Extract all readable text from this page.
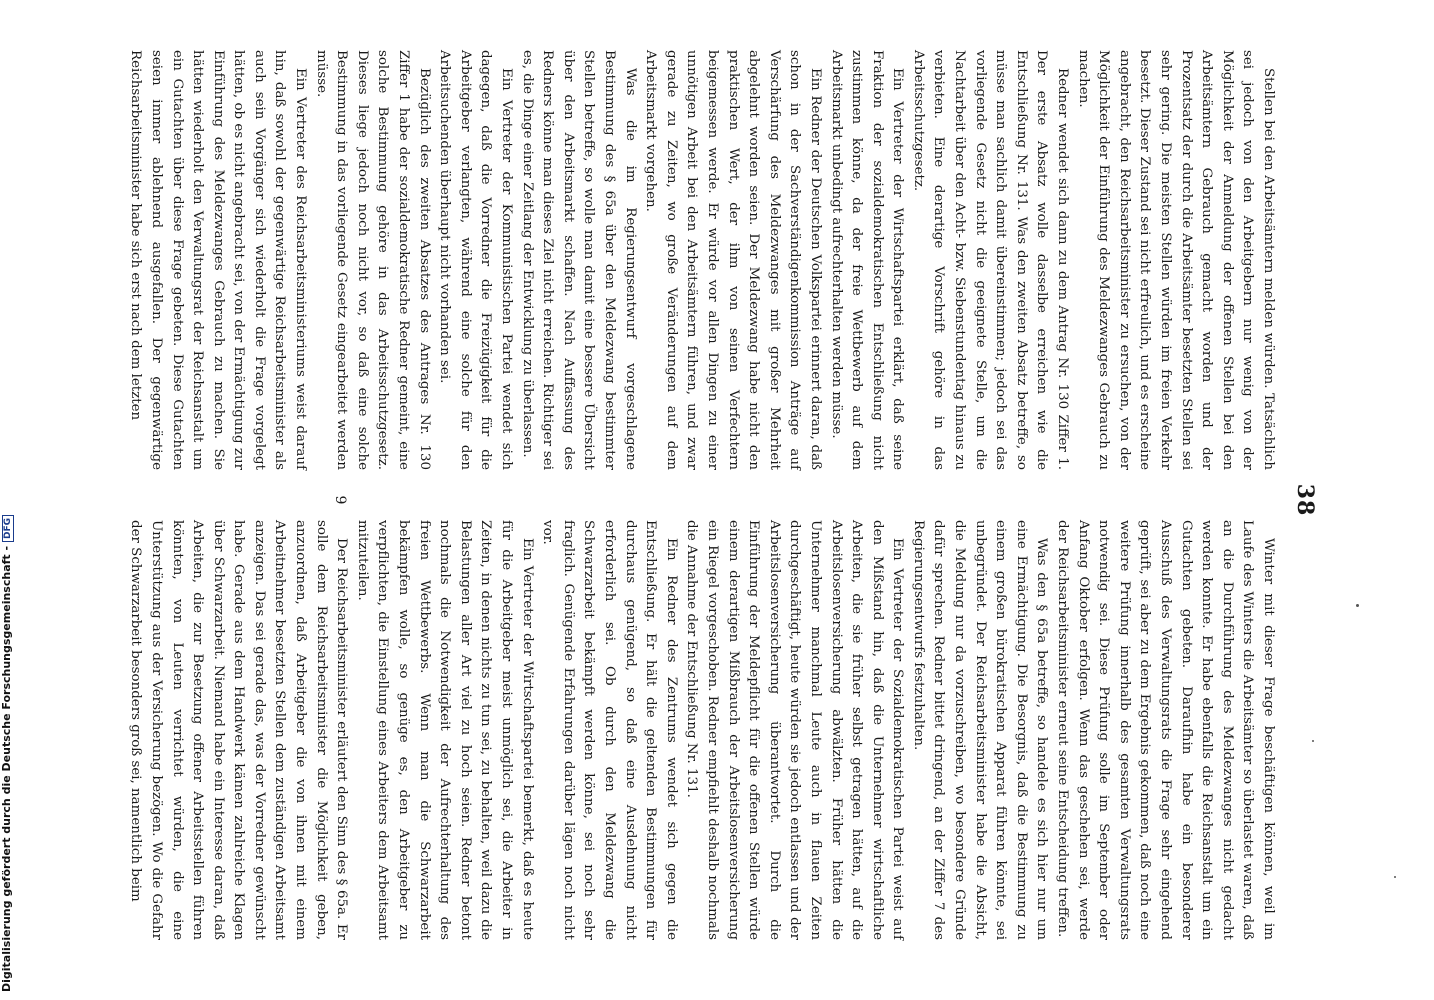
Digitalisierung gefördert durch die Deutsche Forschungsgemeinschaft -DFG
38

Stellen bei den Arbeitsämtern melden würden. Tatsächlich sei jedoch von den Arbeitgebern nur wenig von der Möglichkeit der Anmeldung der offenen Stellen bei den Arbeitsämtern Gebrauch gemacht worden und der Prozentsatz der durch die Arbeitsämter besetzten Stellen sei sehr gering. Die meisten Stellen würden im freien Verkehr besetzt. Dieser Zustand sei nicht erfreulich, und es erscheine angebracht, den Reichsarbeitsminister zu ersuchen, von der Möglichkeit der Einführung des Meldezwanges Gebrauch zu machen.

Redner wendet sich dann zu dem Antrag Nr. 130 Ziffer 1. Der erste Absatz wolle dasselbe erreichen wie die Entschließung Nr. 131. Was den zweiten Absatz betreffe, so müsse man sachlich damit übereinstimmen; jedoch sei das vorliegende Gesetz nicht die geeignete Stelle, um die Nachtarbeit über den Acht- bzw. Siebenstundentag hinaus zu verbieten. Eine derartige Vorschrift gehöre in das Arbeitsschutzgesetz.

Ein Vertreter der Wirtschaftspartei erklärt, daß seine Fraktion der sozialdemokratischen Entschließung nicht zustimmen könne, da der freie Wettbewerb auf dem Arbeitsmarkt unbedingt aufrechterhalten werden müsse.

Ein Redner der Deutschen Volkspartei erinnert daran, daß schon in der Sachverständigenkommission Anträge auf Verschärfung des Meldezwanges mit großer Mehrheit abgelehnt worden seien. Der Meldezwang habe nicht den praktischen Wert, der ihm von seinen Verfechtern beigemessen werde. Er würde vor allen Dingen zu einer unnötigen Arbeit bei den Arbeitsämtern führen, und zwar gerade zu Zeiten, wo große Veränderungen auf dem Arbeitsmarkt vorgehen.

Was die im Regierungsentwurf vorgeschlagene Bestimmung des § 65a über den Meldezwang bestimmter Stellen betreffe, so wolle man damit eine bessere Übersicht über den Arbeitsmarkt schaffen. Nach Auffassung des Redners könne man dieses Ziel nicht erreichen. Richtiger sei es, die Dinge einer Zeitlang der Entwicklung zu überlassen.

Ein Vertreter der Kommunistischen Partei wendet sich dagegen, daß die Vorredner die Freizügigkeit für die Arbeitgeber verlangten, während eine solche für den Arbeitsuchenden überhaupt nicht vorhanden sei.

Bezüglich des zweiten Absatzes des Antrages Nr. 130 Ziffer 1 habe der sozialdemokratische Redner gemeint, eine solche Bestimmung gehöre in das Arbeitsschutzgesetz. Dieses liege jedoch noch nicht vor, so daß eine solche Bestimmung in das vorliegende Gesetz eingearbeitet werden müsse.

Ein Vertreter des Reichsarbeitsministeriums weist darauf hin, daß sowohl der gegenwärtige Reichsarbeitsminister als auch sein Vorgänger sich wiederholt die Frage vorgelegt hätten, ob es nicht angebracht sei, von der Ermächtigung zur Einführung des Meldezwanges Gebrauch zu machen. Sie hätten wiederholt den Verwaltungsrat der Reichsanstalt um ein Gutachten über diese Frage gebeten. Diese Gutachten seien immer ablehnend ausgefallen. Der gegenwärtige Reichsarbeitsminister habe sich erst nach dem letzten

Winter mit dieser Frage beschäftigen können, weil im Laufe des Winters die Arbeitsämter so überlastet waren, daß an die Durchführung des Meldezwanges nicht gedacht werden konnte. Er habe ebenfalls die Reichsanstalt um ein Gutachten gebeten. Daraufhin habe ein besonderer Ausschuß des Verwaltungsrats die Frage sehr eingehend geprüft, sei aber zu dem Ergebnis gekommen, daß noch eine weitere Prüfung innerhalb des gesamten Verwaltungsrats notwendig sei. Diese Prüfung solle im September oder Anfang Oktober erfolgen. Wenn das geschehen sei, werde der Reichsarbeitsminister erneut seine Entscheidung treffen.

Was den § 65a betreffe, so handele es sich hier nur um eine Ermächtigung. Die Besorgnis, daß die Bestimmung zu einem großen bürokratischen Apparat führen könnte, sei unbegründet. Der Reichsarbeitsminister habe die Absicht, die Meldung nur da vorzuschreiben, wo besondere Gründe dafür sprechen. Redner bittet dringend, an der Ziffer 7 des Regierungsentwurfs festzuhalten.

Ein Vertreter der Sozialdemokratischen Partei weist auf den Mißstand hin, daß die Unternehmer wirtschaftliche Arbeiten, die sie früher selbst getragen hätten, auf die Arbeitslosenversicherung abwälzten. Früher hätten die Unternehmer manchmal Leute auch in flauen Zeiten durchgeschäftigt, heute würden sie jedoch entlassen und der Arbeitslosenversicherung überantwortet. Durch die Einführung der Meldepflicht für die offenen Stellen würde einem derartigen Mißbrauch der Arbeitslosenversicherung ein Riegel vorgeschoben. Redner empfiehlt deshalb nochmals die Annahme der Entschließung Nr. 131.

Ein Redner des Zentrums wendet sich gegen die Entschließung. Er hält die geltenden Bestimmungen für durchaus genügend, so daß eine Ausdehnung nicht erforderlich sei. Ob durch den Meldezwang die Schwarzarbeit bekämpft werden könne, sei noch sehr fraglich. Genügende Erfahrungen darüber lägen noch nicht vor.

Ein Vertreter der Wirtschaftspartei bemerkt, daß es heute für die Arbeitgeber meist unmöglich sei, die Arbeiter in Zeiten, in denen nichts zu tun sei, zu behalten, weil dazu die Belastungen aller Art viel zu hoch seien. Redner betont nochmals die Notwendigkeit der Aufrechterhaltung des freien Wettbewerbs. Wenn man die Schwarzarbeit bekämpfen wolle, so genüge es, den Arbeitgeber zu verpflichten, die Einstellung eines Arbeiters dem Arbeitsamt mitzuteilen.

Der Reichsarbeitsminister erläutert den Sinn des § 65a. Er solle dem Reichsarbeitsminister die Möglichkeit geben, anzuordnen, daß Arbeitgeber die von ihnen mit einem Arbeitnehmer besetzten Stellen dem zuständigen Arbeitsamt anzeigen. Das sei gerade das, was der Vorredner gewünscht habe. Gerade aus dem Handwerk kämen zahlreiche Klagen über Schwarzarbeit. Niemand habe ein Interesse daran, daß Arbeiten, die zur Besetzung offener Arbeitsstellen führen könnten, von Leuten verrichtet würden, die eine Unterstützung aus der Versicherung bezögen. Wo die Gefahr der Schwarzarbeit besonders groß sei, namentlich beim

9
